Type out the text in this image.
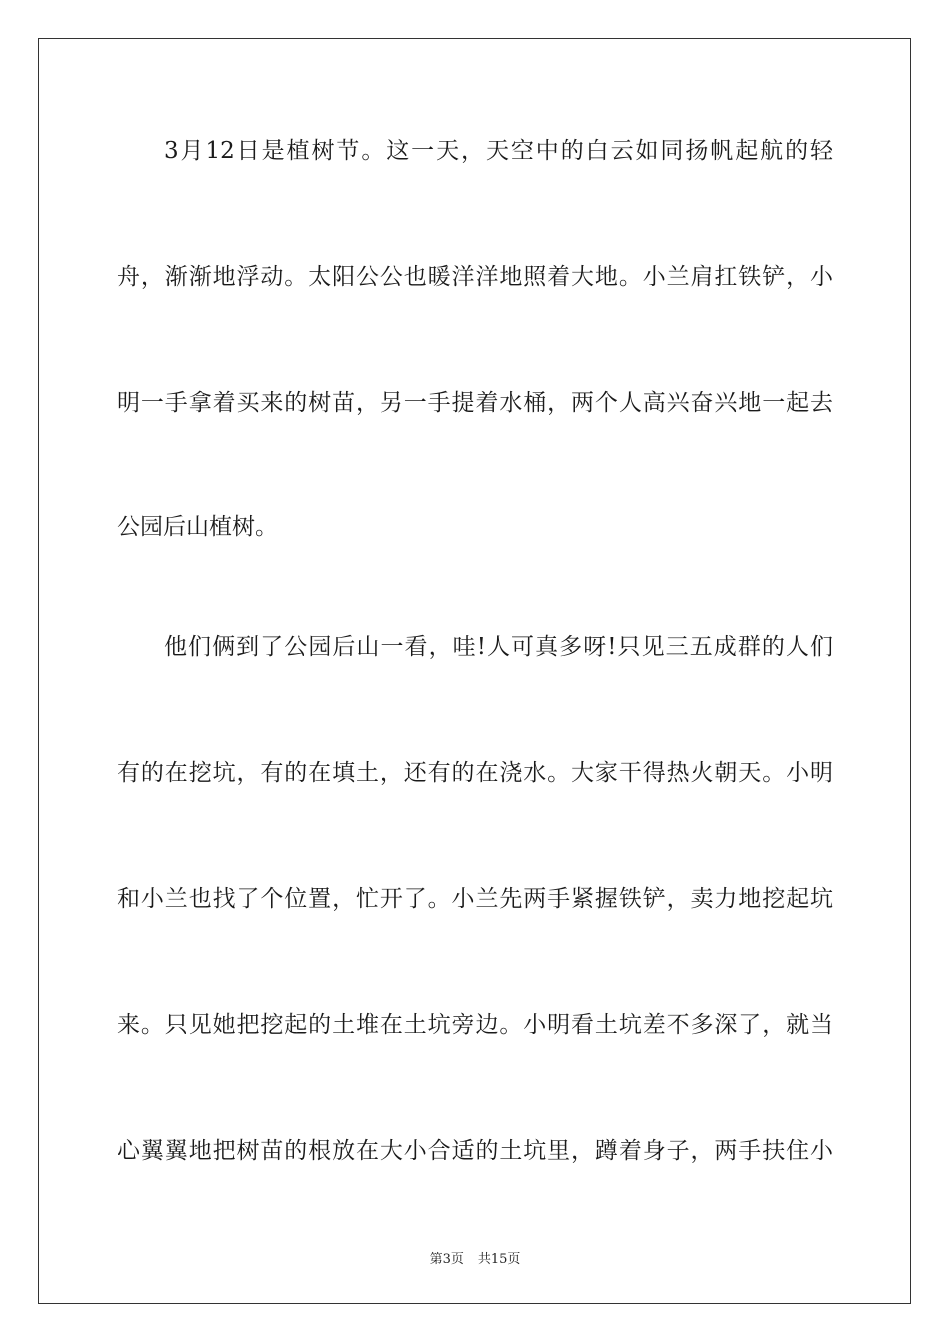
3月12日是植树节。这一天，天空中的白云如同扬帆起航的轻
舟，渐渐地浮动。太阳公公也暖洋洋地照着大地。小兰肩扛铁铲，小
明一手拿着买来的树苗，另一手提着水桶，两个人高兴奋兴地一起去
公园后山植树。
他们俩到了公园后山一看，哇!人可真多呀!只见三五成群的人们
有的在挖坑，有的在填土，还有的在浇水。大家干得热火朝天。小明
和小兰也找了个位置，忙开了。小兰先两手紧握铁铲，卖力地挖起坑
来。只见她把挖起的土堆在土坑旁边。小明看土坑差不多深了，就当
心翼翼地把树苗的根放在大小合适的土坑里，蹲着身子，两手扶住小
第3页 共15页
